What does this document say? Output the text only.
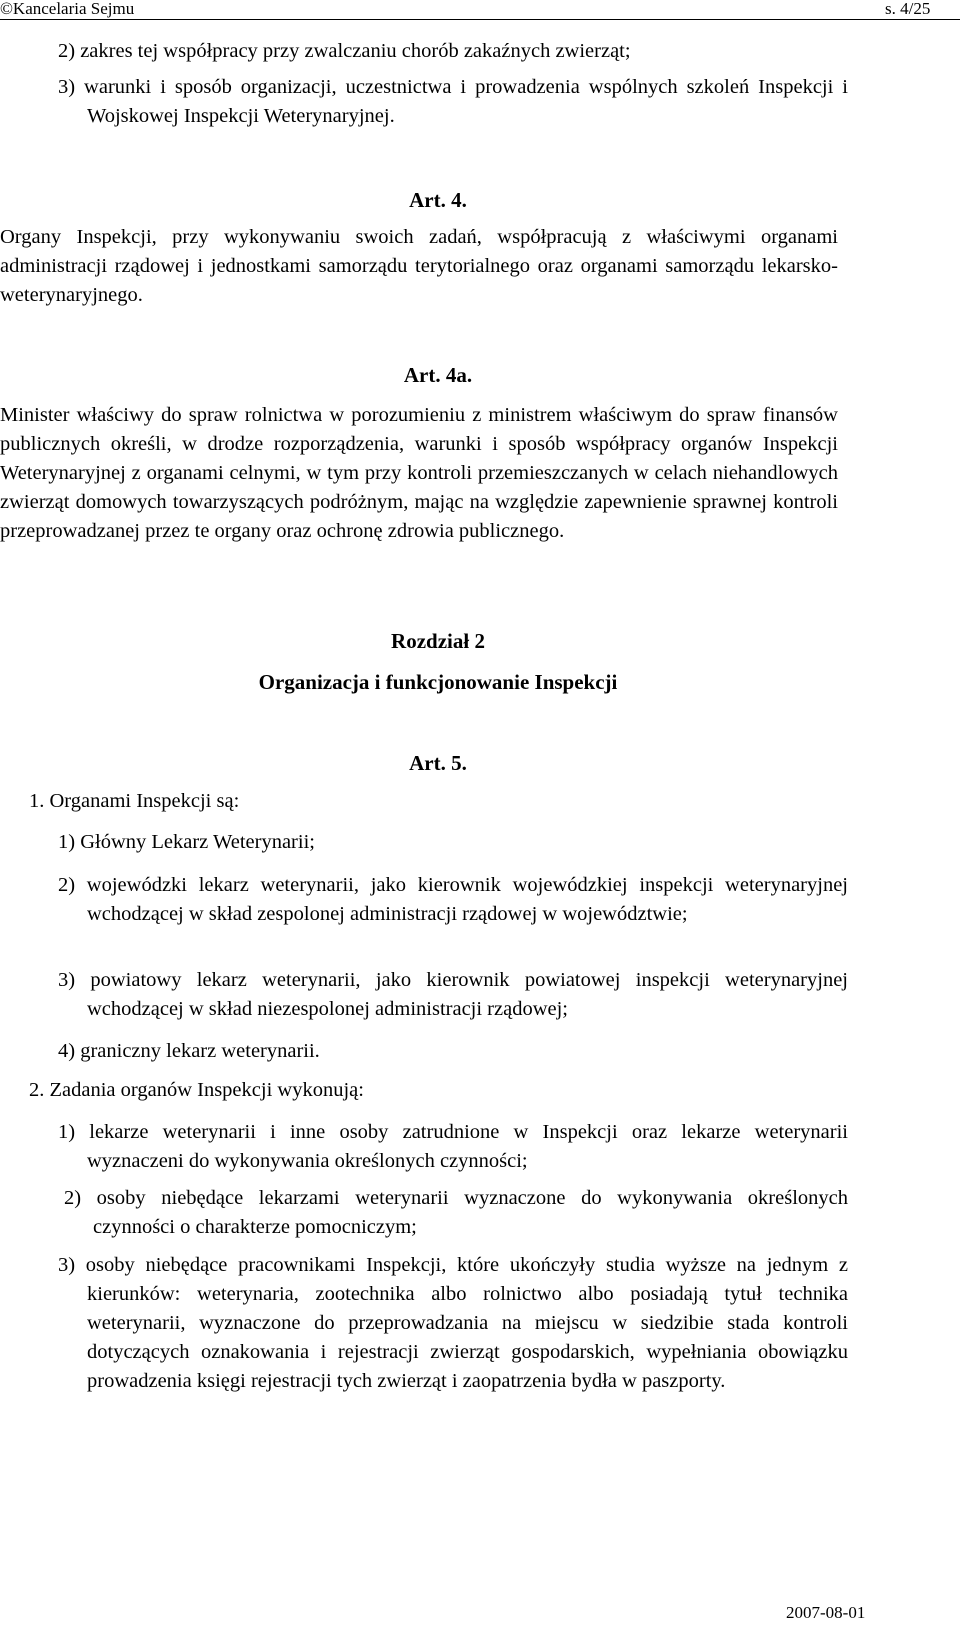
©Kancelaria Sejmu	s. 4/25
2) zakres tej współpracy przy zwalczaniu chorób zakaźnych zwierząt;
3) warunki i sposób organizacji, uczestnictwa i prowadzenia wspólnych szkoleń Inspekcji i Wojskowej Inspekcji Weterynaryjnej.
Art. 4.
Organy Inspekcji, przy wykonywaniu swoich zadań, współpracują z właściwymi organami administracji rządowej i jednostkami samorządu terytorialnego oraz organami samorządu lekarsko-weterynaryjnego.
Art. 4a.
Minister właściwy do spraw rolnictwa w porozumieniu z ministrem właściwym do spraw finansów publicznych określi, w drodze rozporządzenia, warunki i sposób współpracy organów Inspekcji Weterynaryjnej z organami celnymi, w tym przy kontroli przemieszczanych w celach niehandlowych zwierząt domowych towarzyszących podróżnym, mając na względzie zapewnienie sprawnej kontroli przeprowadzanej przez te organy oraz ochronę zdrowia publicznego.
Rozdział 2
Organizacja i funkcjonowanie Inspekcji
Art. 5.
1. Organami Inspekcji są:
1) Główny Lekarz Weterynarii;
2) wojewódzki lekarz weterynarii, jako kierownik wojewódzkiej inspekcji weterynaryjnej wchodzącej w skład zespolonej administracji rządowej w województwie;
3) powiatowy lekarz weterynarii, jako kierownik powiatowej inspekcji weterynaryjnej wchodzącej w skład niezespolonej administracji rządowej;
4) graniczny lekarz weterynarii.
2. Zadania organów Inspekcji wykonują:
1) lekarze weterynarii i inne osoby zatrudnione w Inspekcji oraz lekarze weterynarii wyznaczeni do wykonywania określonych czynności;
2) osoby niebędące lekarzami weterynarii wyznaczone do wykonywania określonych czynności o charakterze pomocniczym;
3) osoby niebędące pracownikami Inspekcji, które ukończyły studia wyższe na jednym z kierunków: weterynaria, zootechnika albo rolnictwo albo posiadają tytuł technika weterynarii, wyznaczone do przeprowadzania na miejscu w siedzibie stada kontroli dotyczących oznakowania i rejestracji zwierząt gospodarskich, wypełniania obowiązku prowadzenia księgi rejestracji tych zwierząt i zaopatrzenia bydła w paszporty.
2007-08-01
